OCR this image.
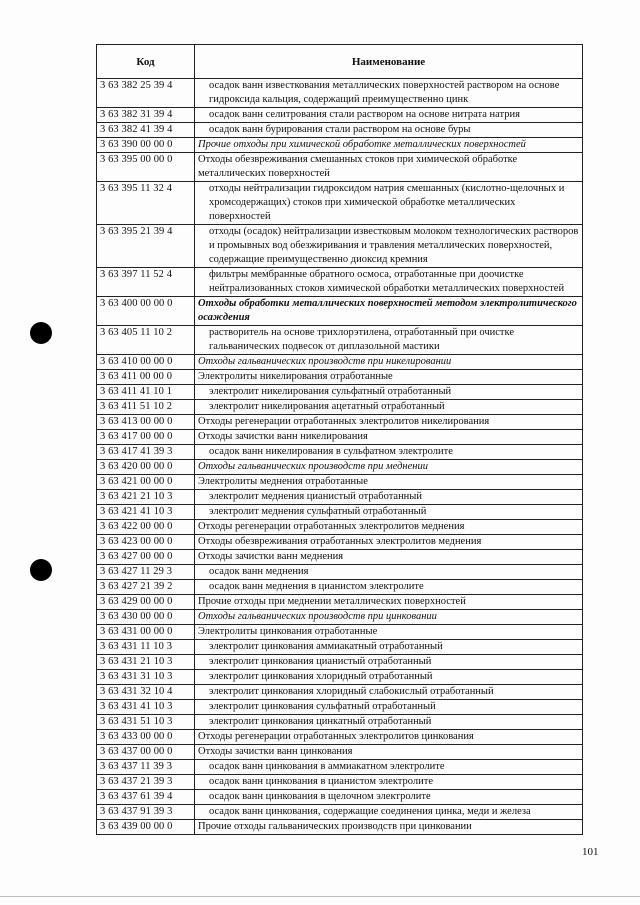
Код	Наименование
3 63 382 25 39 4	осадок ванн известкования металлических поверхностей раствором на основе гидроксида кальция, содержащий преимущественно цинк
3 63 382 31 39 4	осадок ванн селитрования стали раствором на основе нитрата натрия
3 63 382 41 39 4	осадок ванн бурирования стали раствором на основе буры
3 63 390 00 00 0	Прочие отходы при химической обработке металлических поверхностей
3 63 395 00 00 0	Отходы обезвреживания смешанных стоков при химической обработке металлических поверхностей
3 63 395 11 32 4	отходы нейтрализации гидроксидом натрия смешанных (кислотно-щелочных и хромсодержащих) стоков при химической обработке металлических поверхностей
3 63 395 21 39 4	отходы (осадок) нейтрализации известковым молоком технологических растворов и промывных вод обезжиривания и травления металлических поверхностей, содержащие преимущественно диоксид кремния
3 63 397 11 52 4	фильтры мембранные обратного осмоса, отработанные при доочистке нейтрализованных стоков химической обработки металлических поверхностей
3 63 400 00 00 0	Отходы обработки металлических поверхностей методом электролитического осаждения
3 63 405 11 10 2	растворитель на основе трихлорэтилена, отработанный при очистке гальванических подвесок от диплазольной мастики
3 63 410 00 00 0	Отходы гальванических производств при никелировании
3 63 411 00 00 0	Электролиты никелирования отработанные
3 63 411 41 10 1	электролит никелирования сульфатный отработанный
3 63 411 51 10 2	электролит никелирования ацетатный отработанный
3 63 413 00 00 0	Отходы регенерации отработанных электролитов никелирования
3 63 417 00 00 0	Отходы зачистки ванн никелирования
3 63 417 41 39 3	осадок ванн никелирования в сульфатном электролите
3 63 420 00 00 0	Отходы гальванических производств при меднении
3 63 421 00 00 0	Электролиты меднения отработанные
3 63 421 21 10 3	электролит меднения цианистый отработанный
3 63 421 41 10 3	электролит меднения сульфатный отработанный
3 63 422 00 00 0	Отходы регенерации отработанных электролитов меднения
3 63 423 00 00 0	Отходы обезвреживания отработанных электролитов меднения
3 63 427 00 00 0	Отходы зачистки ванн меднения
3 63 427 11 29 3	осадок ванн меднения
3 63 427 21 39 2	осадок ванн меднения в цианистом электролите
3 63 429 00 00 0	Прочие отходы при меднении металлических поверхностей
3 63 430 00 00 0	Отходы гальванических производств при цинковании
3 63 431 00 00 0	Электролиты цинкования отработанные
3 63 431 11 10 3	электролит цинкования аммиакатный отработанный
3 63 431 21 10 3	электролит цинкования цианистый отработанный
3 63 431 31 10 3	электролит цинкования хлоридный отработанный
3 63 431 32 10 4	электролит цинкования хлоридный слабокислый отработанный
3 63 431 41 10 3	электролит цинкования сульфатный отработанный
3 63 431 51 10 3	электролит цинкования цинкатный отработанный
3 63 433 00 00 0	Отходы регенерации отработанных электролитов цинкования
3 63 437 00 00 0	Отходы зачистки ванн цинкования
3 63 437 11 39 3	осадок ванн цинкования в аммиакатном электролите
3 63 437 21 39 3	осадок ванн цинкования в цианистом электролите
3 63 437 61 39 4	осадок ванн цинкования в щелочном электролите
3 63 437 91 39 3	осадок ванн цинкования, содержащие соединения цинка, меди и железа
3 63 439 00 00 0	Прочие отходы гальванических производств при цинковании
101
